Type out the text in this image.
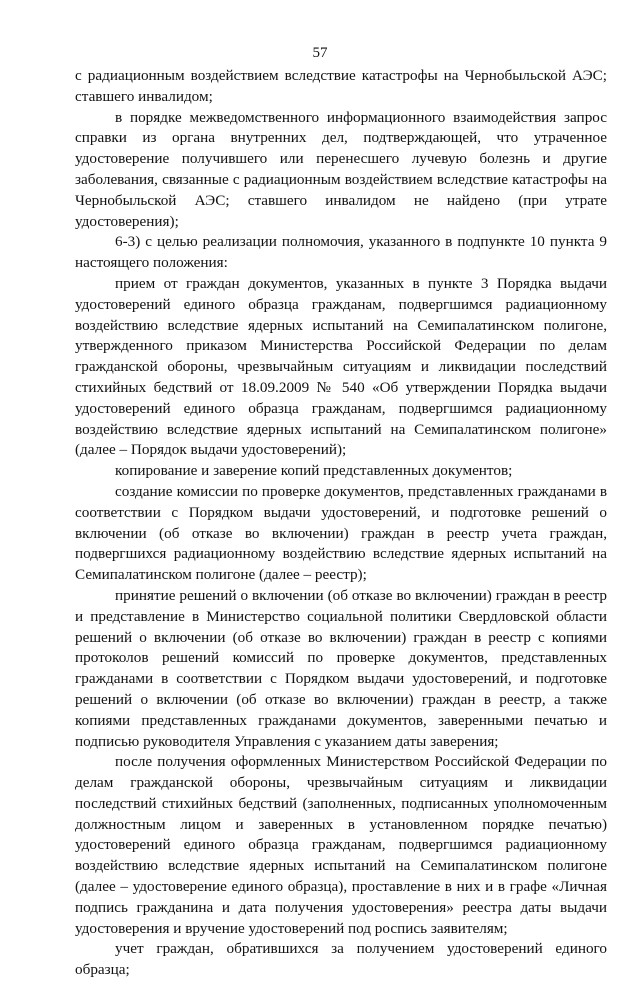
57

с радиационным воздействием вследствие катастрофы на Чернобыльской АЭС; ставшего инвалидом;

в порядке межведомственного информационного взаимодействия запрос справки из органа внутренних дел, подтверждающей, что утраченное удостоверение получившего или перенесшего лучевую болезнь и другие заболевания, связанные с радиационным воздействием вследствие катастрофы на Чернобыльской АЭС; ставшего инвалидом не найдено (при утрате удостоверения);

6-3) с целью реализации полномочия, указанного в подпункте 10 пункта 9 настоящего положения:

прием от граждан документов, указанных в пункте 3 Порядка выдачи удостоверений единого образца гражданам, подвергшимся радиационному воздействию вследствие ядерных испытаний на Семипалатинском полигоне, утвержденного приказом Министерства Российской Федерации по делам гражданской обороны, чрезвычайным ситуациям и ликвидации последствий стихийных бедствий от 18.09.2009 № 540 «Об утверждении Порядка выдачи удостоверений единого образца гражданам, подвергшимся радиационному воздействию вследствие ядерных испытаний на Семипалатинском полигоне» (далее – Порядок выдачи удостоверений);

копирование и заверение копий представленных документов;

создание комиссии по проверке документов, представленных гражданами в соответствии с Порядком выдачи удостоверений, и подготовке решений о включении (об отказе во включении) граждан в реестр учета граждан, подвергшихся радиационному воздействию вследствие ядерных испытаний на Семипалатинском полигоне (далее – реестр);

принятие решений о включении (об отказе во включении) граждан в реестр и представление в Министерство социальной политики Свердловской области решений о включении (об отказе во включении) граждан в реестр с копиями протоколов решений комиссий по проверке документов, представленных гражданами в соответствии с Порядком выдачи удостоверений, и подготовке решений о включении (об отказе во включении) граждан в реестр, а также копиями представленных гражданами документов, заверенными печатью и подписью руководителя Управления с указанием даты заверения;

после получения оформленных Министерством Российской Федерации по делам гражданской обороны, чрезвычайным ситуациям и ликвидации последствий стихийных бедствий (заполненных, подписанных уполномоченным должностным лицом и заверенных в установленном порядке печатью) удостоверений единого образца гражданам, подвергшимся радиационному воздействию вследствие ядерных испытаний на Семипалатинском полигоне (далее – удостоверение единого образца), проставление в них и в графе «Личная подпись гражданина и дата получения удостоверения» реестра даты выдачи удостоверения и вручение удостоверений под роспись заявителям;

учет граждан, обратившихся за получением удостоверений единого образца;
